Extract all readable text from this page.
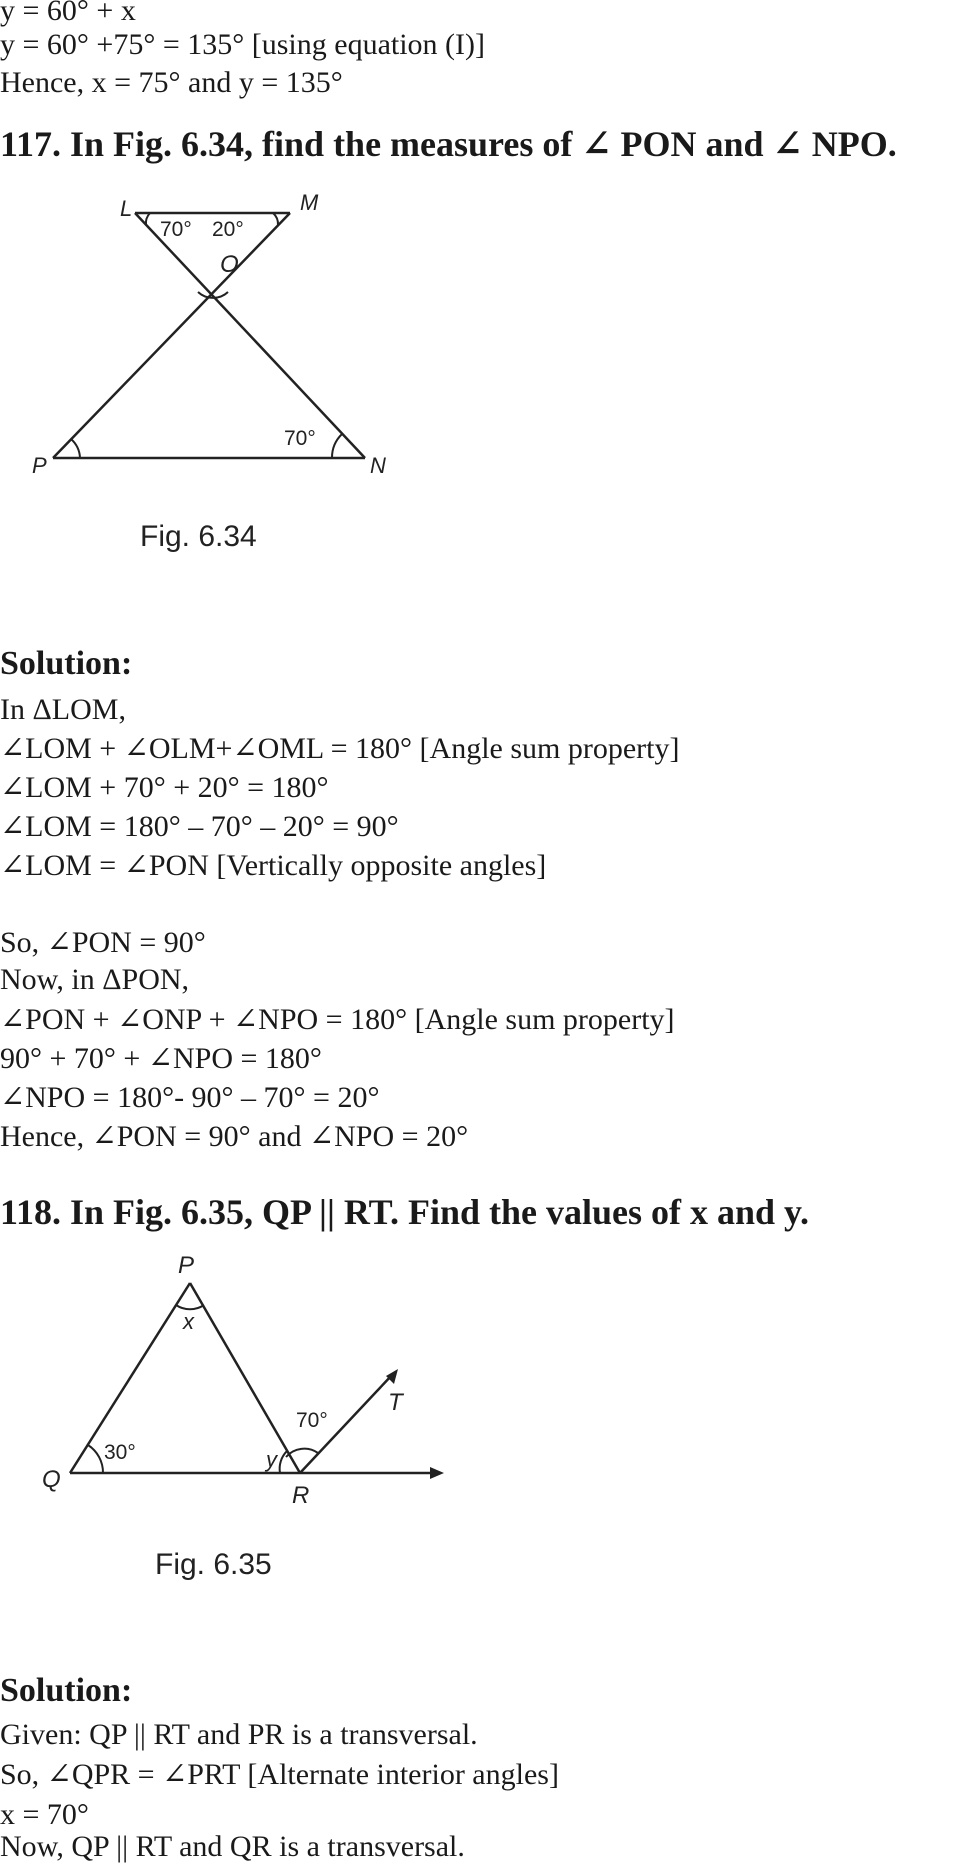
y = 60° + x
y = 60° +75° = 135° [using equation (I)]
Hence, x = 75° and y = 135°
117. In Fig. 6.34, find the measures of ∠ PON and ∠ NPO.
L	M
O
P	N
70° 20°
70°
Fig. 6.34
Solution:
In ΔLOM,
∠LOM + ∠OLM+∠OML = 180° [Angle sum property]
∠LOM + 70° + 20° = 180°
∠LOM = 180° – 70° – 20° = 90°
∠LOM = ∠PON [Vertically opposite angles]
So, ∠PON = 90°
Now, in ΔPON,
∠PON + ∠ONP + ∠NPO = 180° [Angle sum property]
90° + 70° + ∠NPO = 180°
∠NPO = 180°- 90° – 70° = 20°
Hence, ∠PON = 90° and ∠NPO = 20°
118. In Fig. 6.35, QP || RT. Find the values of x and y.
P
x
Q
R
T
y
30°
70°
Fig. 6.35
Solution:
Given: QP || RT and PR is a transversal.
So, ∠QPR = ∠PRT [Alternate interior angles]
x = 70°
Now, QP || RT and QR is a transversal.
